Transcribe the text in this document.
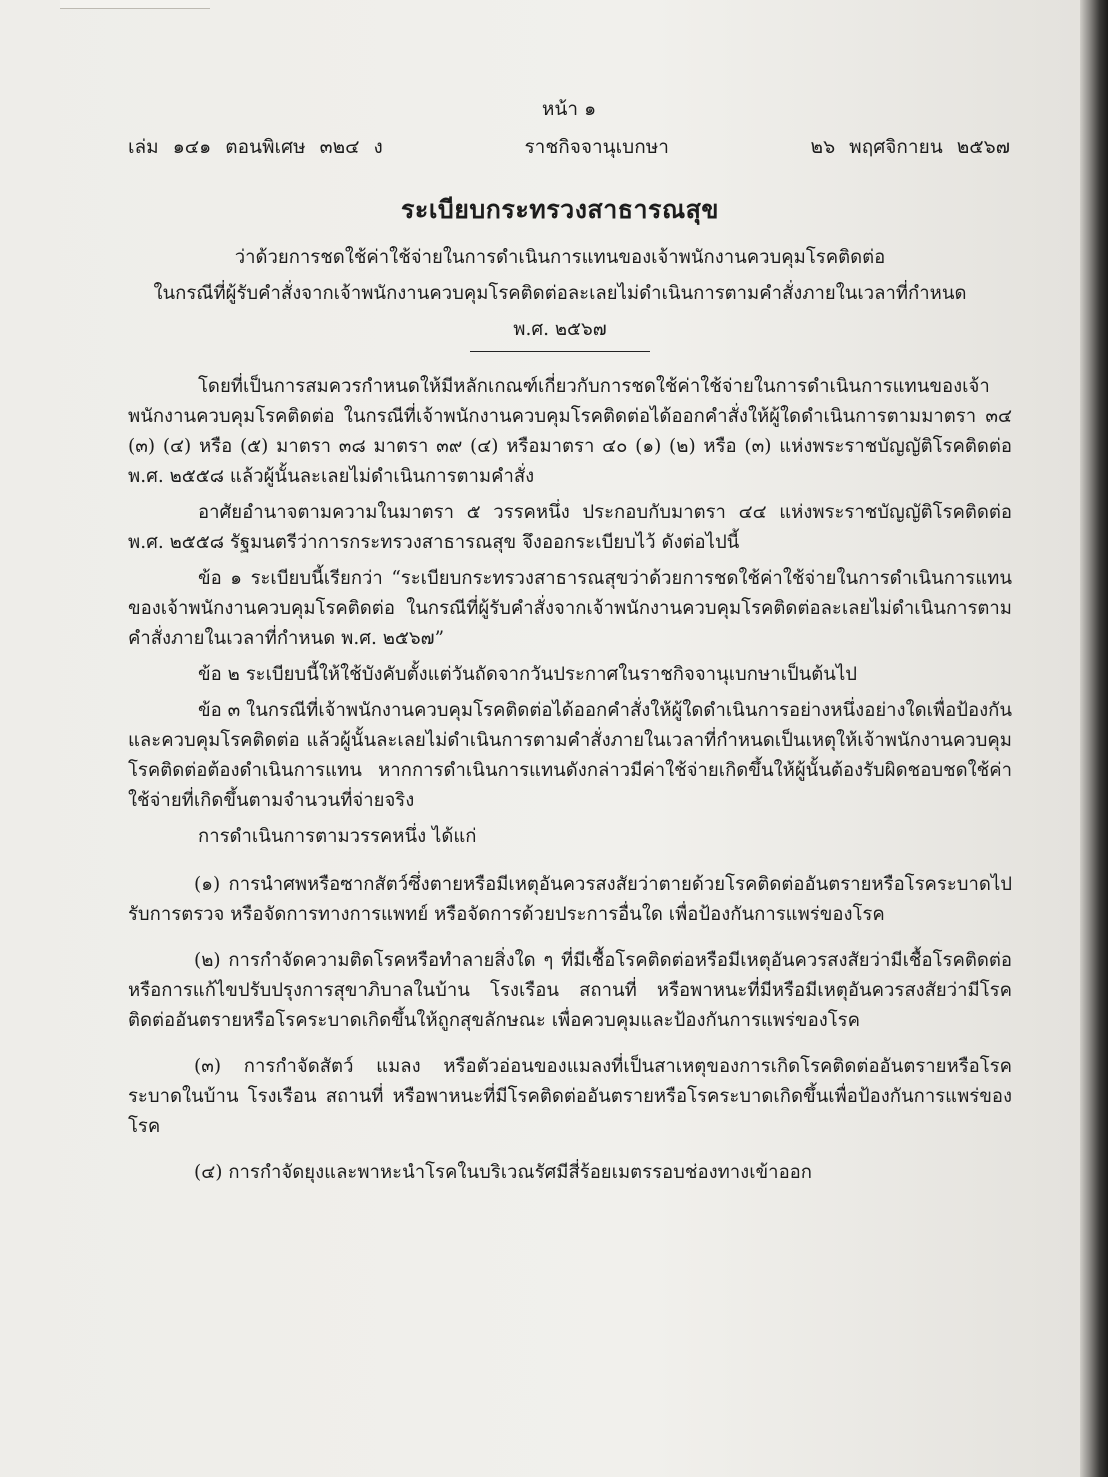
หน้า ๑
เล่ม ๑๔๑ ตอนพิเศษ ๓๒๔ ง	ราชกิจจานุเบกษา	๒๖ พฤศจิกายน ๒๕๖๗
ระเบียบกระทรวงสาธารณสุข

ว่าด้วยการชดใช้ค่าใช้จ่ายในการดำเนินการแทนของเจ้าพนักงานควบคุมโรคติดต่อ

ในกรณีที่ผู้รับคำสั่งจากเจ้าพนักงานควบคุมโรคติดต่อละเลยไม่ดำเนินการตามคำสั่งภายในเวลาที่กำหนด

พ.ศ. ๒๕๖๗

โดยที่เป็นการสมควรกำหนดให้มีหลักเกณฑ์เกี่ยวกับการชดใช้ค่าใช้จ่ายในการดำเนินการแทนของเจ้าพนักงานควบคุมโรคติดต่อ ในกรณีที่เจ้าพนักงานควบคุมโรคติดต่อได้ออกคำสั่งให้ผู้ใดดำเนินการตามมาตรา ๓๔ (๓) (๔) หรือ (๕) มาตรา ๓๘ มาตรา ๓๙ (๔) หรือมาตรา ๔๐ (๑) (๒) หรือ (๓) แห่งพระราชบัญญัติโรคติดต่อ พ.ศ. ๒๕๕๘ แล้วผู้นั้นละเลยไม่ดำเนินการตามคำสั่ง

อาศัยอำนาจตามความในมาตรา ๕ วรรคหนึ่ง ประกอบกับมาตรา ๔๔ แห่งพระราชบัญญัติโรคติดต่อ พ.ศ. ๒๕๕๘ รัฐมนตรีว่าการกระทรวงสาธารณสุข จึงออกระเบียบไว้ ดังต่อไปนี้

ข้อ ๑ ระเบียบนี้เรียกว่า “ระเบียบกระทรวงสาธารณสุขว่าด้วยการชดใช้ค่าใช้จ่ายในการดำเนินการแทนของเจ้าพนักงานควบคุมโรคติดต่อ ในกรณีที่ผู้รับคำสั่งจากเจ้าพนักงานควบคุมโรคติดต่อละเลยไม่ดำเนินการตามคำสั่งภายในเวลาที่กำหนด พ.ศ. ๒๕๖๗”

ข้อ ๒ ระเบียบนี้ให้ใช้บังคับตั้งแต่วันถัดจากวันประกาศในราชกิจจานุเบกษาเป็นต้นไป

ข้อ ๓ ในกรณีที่เจ้าพนักงานควบคุมโรคติดต่อได้ออกคำสั่งให้ผู้ใดดำเนินการอย่างหนึ่งอย่างใดเพื่อป้องกันและควบคุมโรคติดต่อ แล้วผู้นั้นละเลยไม่ดำเนินการตามคำสั่งภายในเวลาที่กำหนดเป็นเหตุให้เจ้าพนักงานควบคุมโรคติดต่อต้องดำเนินการแทน หากการดำเนินการแทนดังกล่าวมีค่าใช้จ่ายเกิดขึ้นให้ผู้นั้นต้องรับผิดชอบชดใช้ค่าใช้จ่ายที่เกิดขึ้นตามจำนวนที่จ่ายจริง

การดำเนินการตามวรรคหนึ่ง ได้แก่

(๑) การนำศพหรือซากสัตว์ซึ่งตายหรือมีเหตุอันควรสงสัยว่าตายด้วยโรคติดต่ออันตรายหรือโรคระบาดไปรับการตรวจ หรือจัดการทางการแพทย์ หรือจัดการด้วยประการอื่นใด เพื่อป้องกันการแพร่ของโรค

(๒) การกำจัดความติดโรคหรือทำลายสิ่งใด ๆ ที่มีเชื้อโรคติดต่อหรือมีเหตุอันควรสงสัยว่ามีเชื้อโรคติดต่อ หรือการแก้ไขปรับปรุงการสุขาภิบาลในบ้าน โรงเรือน สถานที่ หรือพาหนะที่มีหรือมีเหตุอันควรสงสัยว่ามีโรคติดต่ออันตรายหรือโรคระบาดเกิดขึ้นให้ถูกสุขลักษณะ เพื่อควบคุมและป้องกันการแพร่ของโรค

(๓) การกำจัดสัตว์ แมลง หรือตัวอ่อนของแมลงที่เป็นสาเหตุของการเกิดโรคติดต่ออันตรายหรือโรคระบาดในบ้าน โรงเรือน สถานที่ หรือพาหนะที่มีโรคติดต่ออันตรายหรือโรคระบาดเกิดขึ้นเพื่อป้องกันการแพร่ของโรค

(๔) การกำจัดยุงและพาหะนำโรคในบริเวณรัศมีสี่ร้อยเมตรรอบช่องทางเข้าออก
